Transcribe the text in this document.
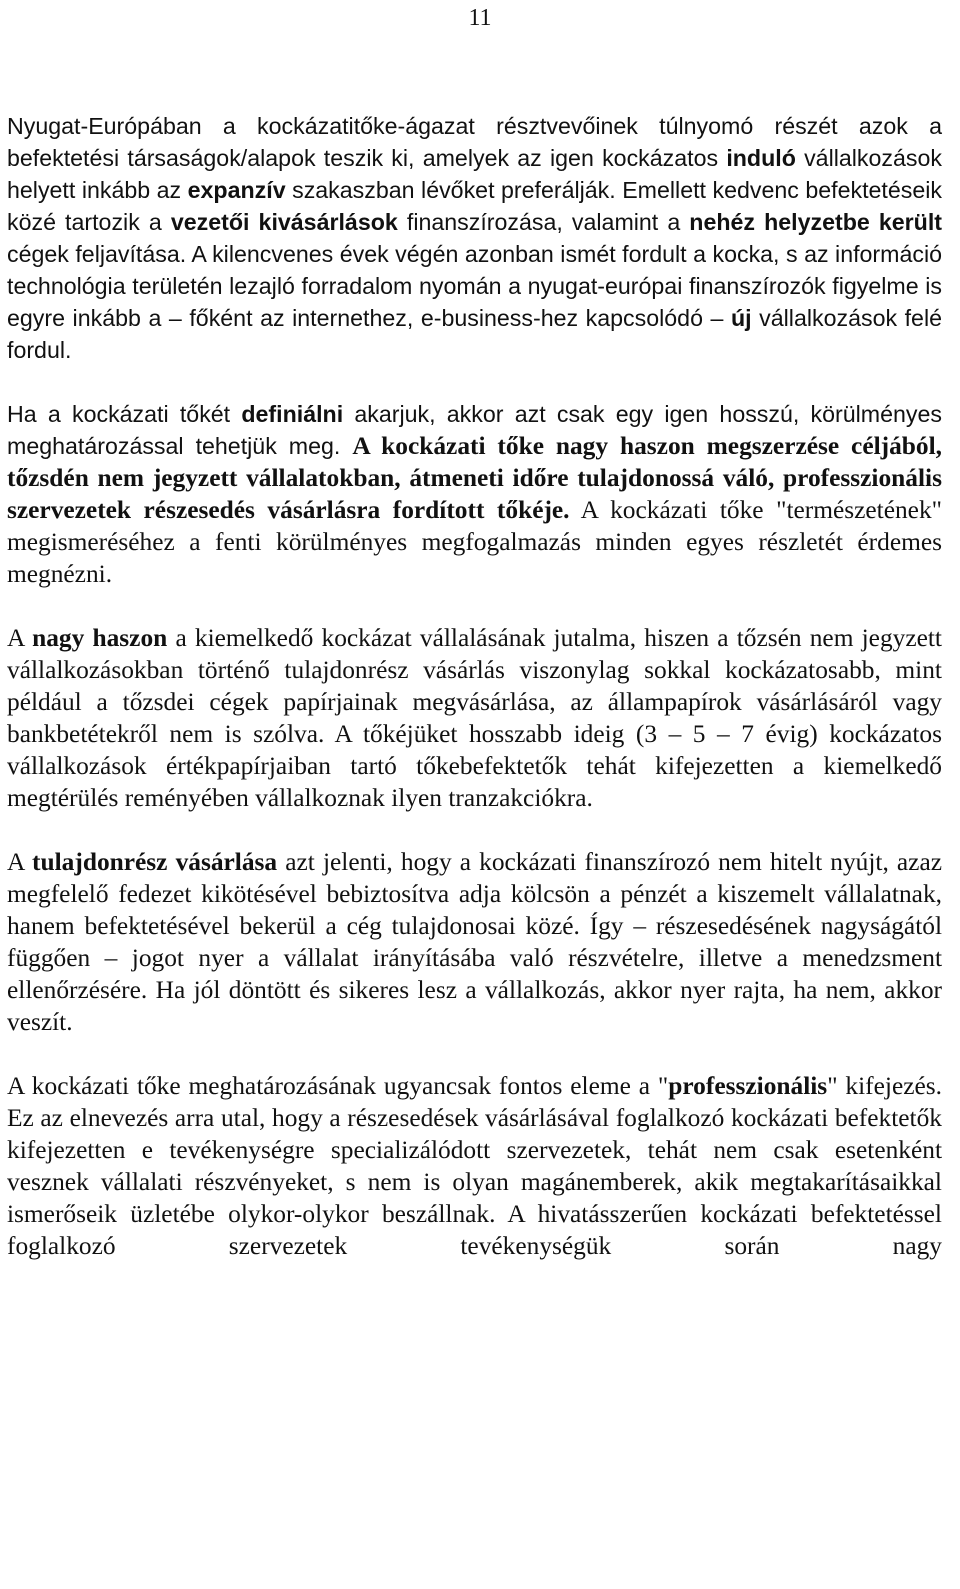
11

Nyugat-Európában a kockázatitőke-ágazat résztvevőinek túlnyomó részét azok a befektetési társaságok/alapok teszik ki, amelyek az igen kockázatos induló vállalkozások helyett inkább az expanzív szakaszban lévőket preferálják. Emellett kedvenc befektetéseik közé tartozik a vezetői kivásárlások finanszírozása, valamint a nehéz helyzetbe került cégek feljavítása. A kilencvenes évek végén azonban ismét fordult a kocka, s az információ technológia területén lezajló forradalom nyomán a nyugat-európai finanszírozók figyelme is egyre inkább a – főként az internethez, e-business-hez kapcsolódó – új vállalkozások felé fordul.

Ha a kockázati tőkét definiálni akarjuk, akkor azt csak egy igen hosszú, körülményes meghatározással tehetjük meg. A kockázati tőke nagy haszon megszerzése céljából, tőzsdén nem jegyzett vállalatokban, átmeneti időre tulajdonossá váló, professzionális szervezetek részesedés vásárlásra fordított tőkéje. A kockázati tőke "természetének" megismeréséhez a fenti körülményes megfogalmazás minden egyes részletét érdemes megnézni.

A nagy haszon a kiemelkedő kockázat vállalásának jutalma, hiszen a tőzsén nem jegyzett vállalkozásokban történő tulajdonrész vásárlás viszonylag sokkal kockázatosabb, mint például a tőzsdei cégek papírjainak megvásárlása, az állampapírok vásárlásáról vagy bankbetétekről nem is szólva. A tőkéjüket hosszabb ideig (3 – 5 – 7 évig) kockázatos vállalkozások értékpapírjaiban tartó tőkebefektetők tehát kifejezetten a kiemelkedő megtérülés reményében vállalkoznak ilyen tranzakciókra.

A tulajdonrész vásárlása azt jelenti, hogy a kockázati finanszírozó nem hitelt nyújt, azaz megfelelő fedezet kikötésével bebiztosítva adja kölcsön a pénzét a kiszemelt vállalatnak, hanem befektetésével bekerül a cég tulajdonosai közé. Így – részesedésének nagyságától függően – jogot nyer a vállalat irányításába való részvételre, illetve a menedzsment ellenőrzésére. Ha jól döntött és sikeres lesz a vállalkozás, akkor nyer rajta, ha nem, akkor veszít.

A kockázati tőke meghatározásának ugyancsak fontos eleme a "professzionális" kifejezés. Ez az elnevezés arra utal, hogy a részesedések vásárlásával foglalkozó kockázati befektetők kifejezetten e tevékenységre specializálódott szervezetek, tehát nem csak esetenként vesznek vállalati részvényeket, s nem is olyan magánemberek, akik megtakarításaikkal ismerőseik üzletébe olykor-olykor beszállnak. A hivatásszerűen kockázati befektetéssel foglalkozó szervezetek tevékenységük során nagy
